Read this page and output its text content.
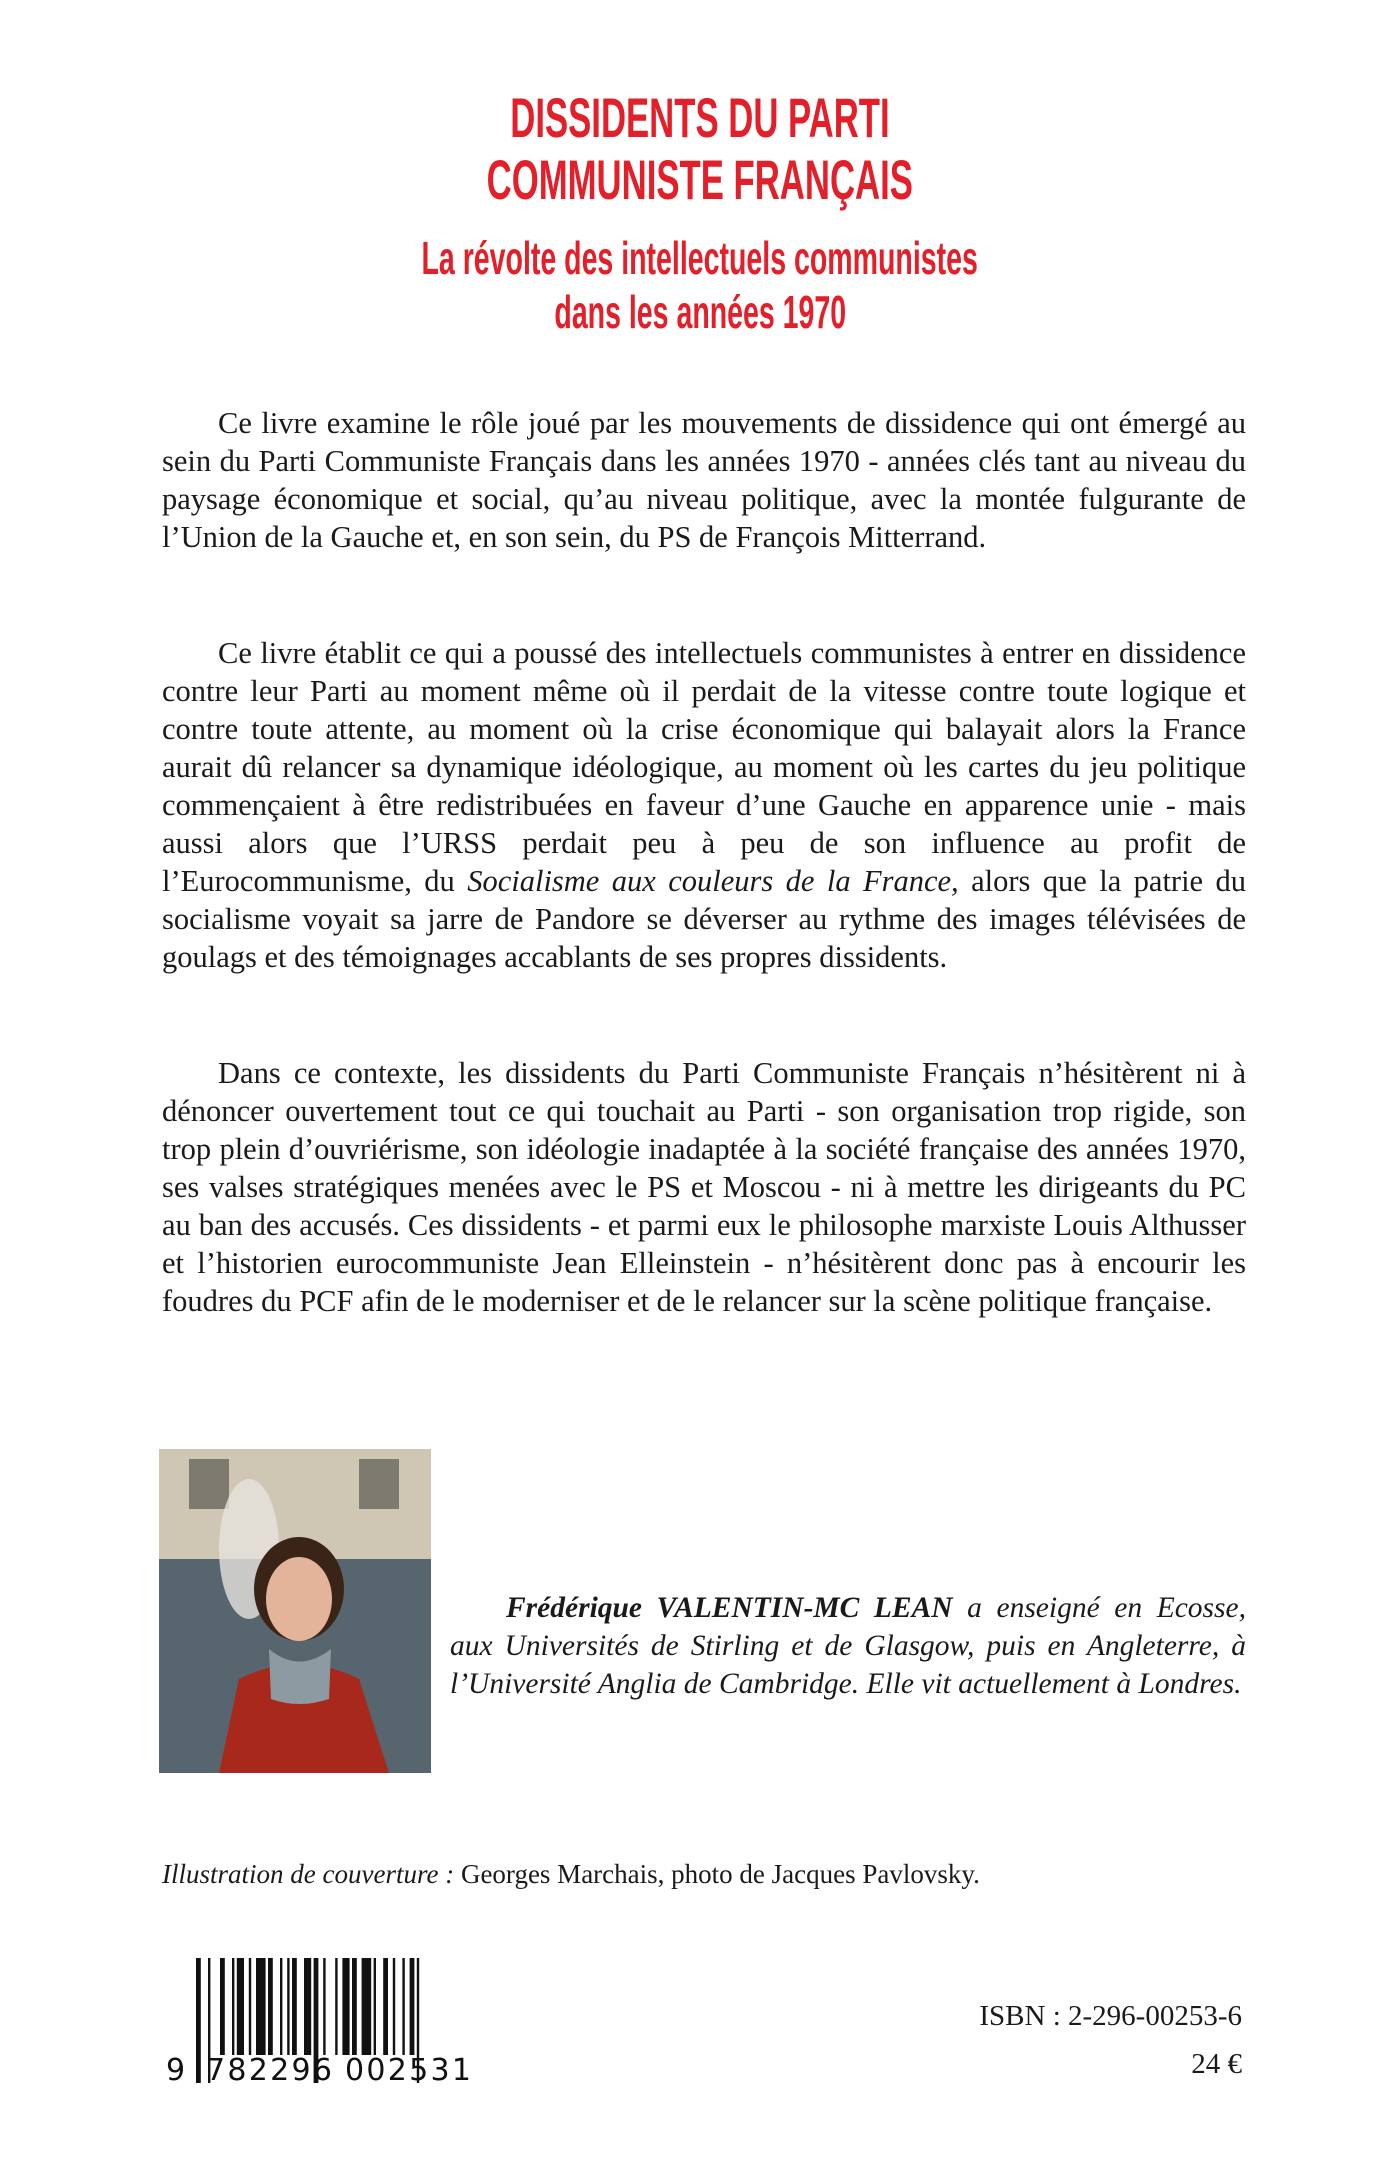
DISSIDENTS DU PARTI
COMMUNISTE FRANÇAIS
La révolte des intellectuels communistes
dans les années 1970

Ce livre examine le rôle joué par les mouvements de dissidence qui ont émergé au sein du Parti Communiste Français dans les années 1970 - années clés tant au niveau du paysage économique et social, qu’au niveau politique, avec la montée fulgurante de l’Union de la Gauche et, en son sein, du PS de François Mitterrand.

Ce livre établit ce qui a poussé des intellectuels communistes à entrer en dissidence contre leur Parti au moment même où il perdait de la vitesse contre toute logique et contre toute attente, au moment où la crise économique qui balayait alors la France aurait dû relancer sa dynamique idéologique, au moment où les cartes du jeu politique commençaient à être redistribuées en faveur d’une Gauche en apparence unie - mais aussi alors que l’URSS perdait peu à peu de son influence au profit de l’Eurocommunisme, du Socialisme aux couleurs de la France, alors que la patrie du socialisme voyait sa jarre de Pandore se déverser au rythme des images télévisées de goulags et des témoignages accablants de ses propres dissidents.

Dans ce contexte, les dissidents du Parti Communiste Français n’hésitèrent ni à dénoncer ouvertement tout ce qui touchait au Parti - son organisation trop rigide, son trop plein d’ouvriérisme, son idéologie inadaptée à la société française des années 1970, ses valses stratégiques menées avec le PS et Moscou - ni à mettre les dirigeants du PC au ban des accusés. Ces dissidents - et parmi eux le philosophe marxiste Louis Althusser et l’historien eurocommuniste Jean Elleinstein - n’hésitèrent donc pas à encourir les foudres du PCF afin de le moderniser et de le relancer sur la scène politique française.

Frédérique VALENTIN-MC LEAN a enseigné en Ecosse, aux Universités de Stirling et de Glasgow, puis en Angleterre, à l’Université Anglia de Cambridge. Elle vit actuellement à Londres.
Illustration de couverture : Georges Marchais, photo de Jacques Pavlovsky.
9 782296 002531
ISBN : 2-296-00253-6
24 €
